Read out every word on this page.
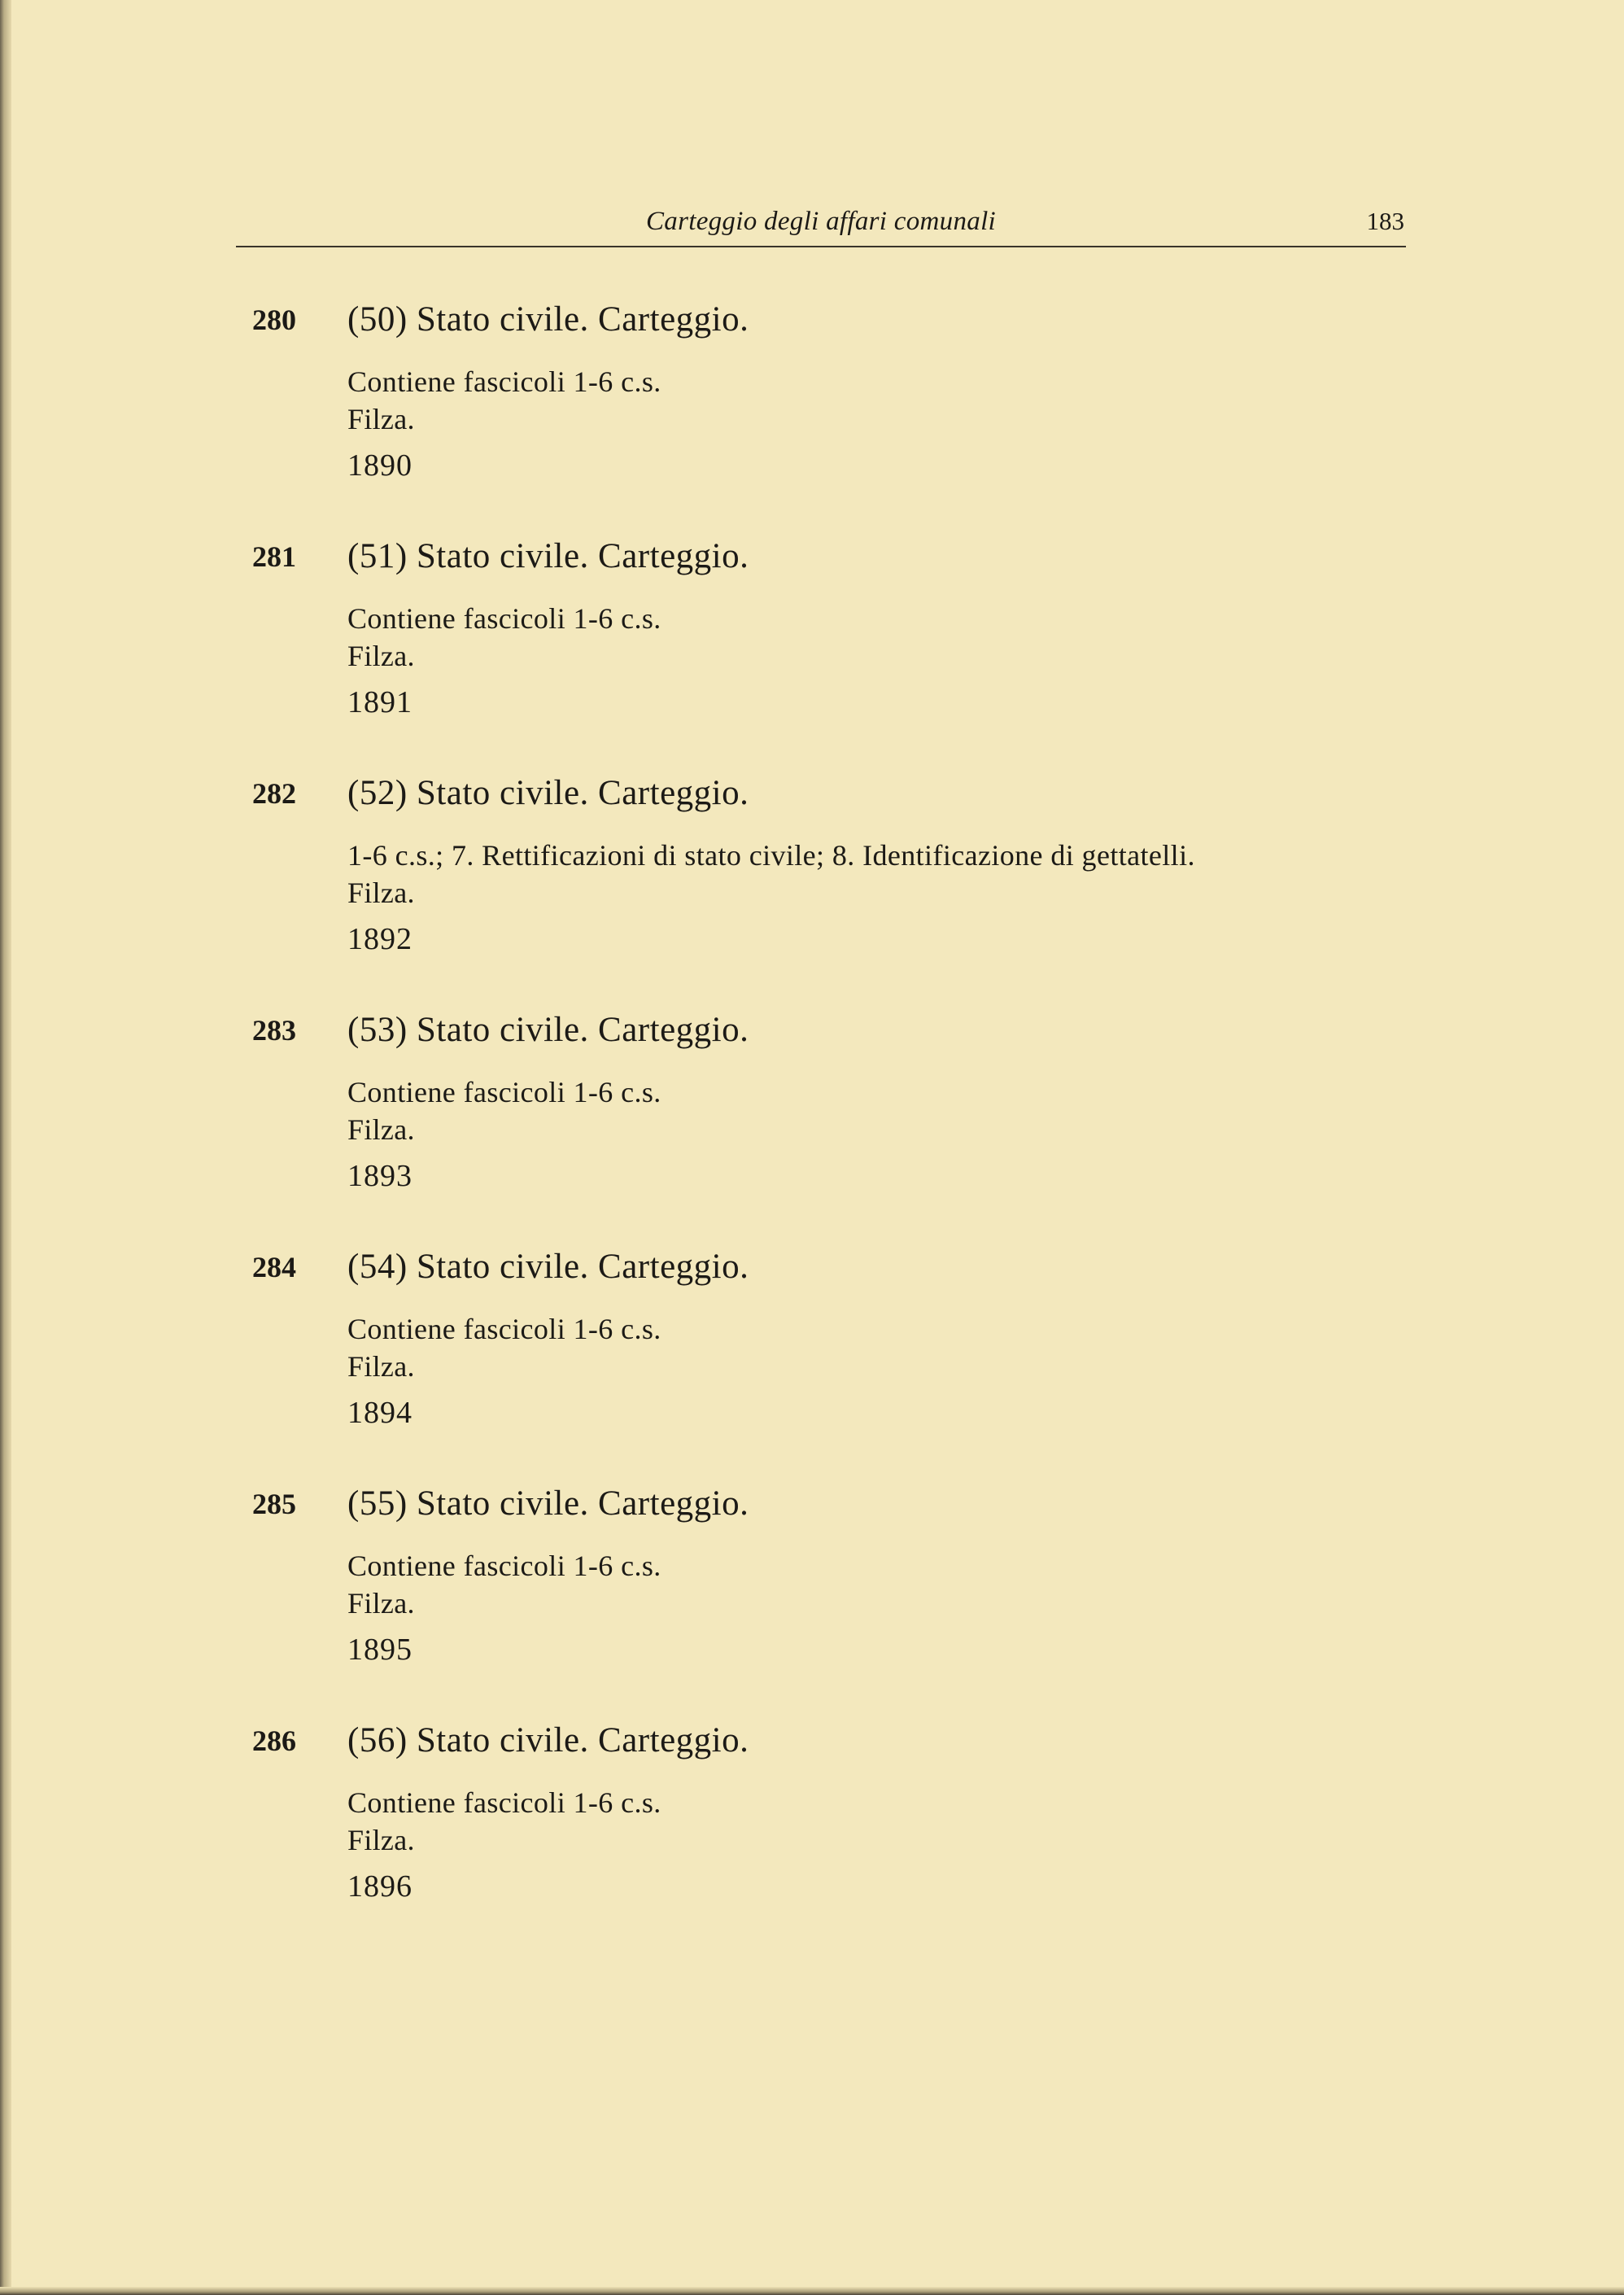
Carteggio degli affari comunali	183
280 (50) Stato civile. Carteggio.
Contiene fascicoli 1-6 c.s.
Filza.
1890
281 (51) Stato civile. Carteggio.
Contiene fascicoli 1-6 c.s.
Filza.
1891
282 (52) Stato civile. Carteggio.
1-6 c.s.; 7. Rettificazioni di stato civile; 8. Identificazione di gettatelli.
Filza.
1892
283 (53) Stato civile. Carteggio.
Contiene fascicoli 1-6 c.s.
Filza.
1893
284 (54) Stato civile. Carteggio.
Contiene fascicoli 1-6 c.s.
Filza.
1894
285 (55) Stato civile. Carteggio.
Contiene fascicoli 1-6 c.s.
Filza.
1895
286 (56) Stato civile. Carteggio.
Contiene fascicoli 1-6 c.s.
Filza.
1896
